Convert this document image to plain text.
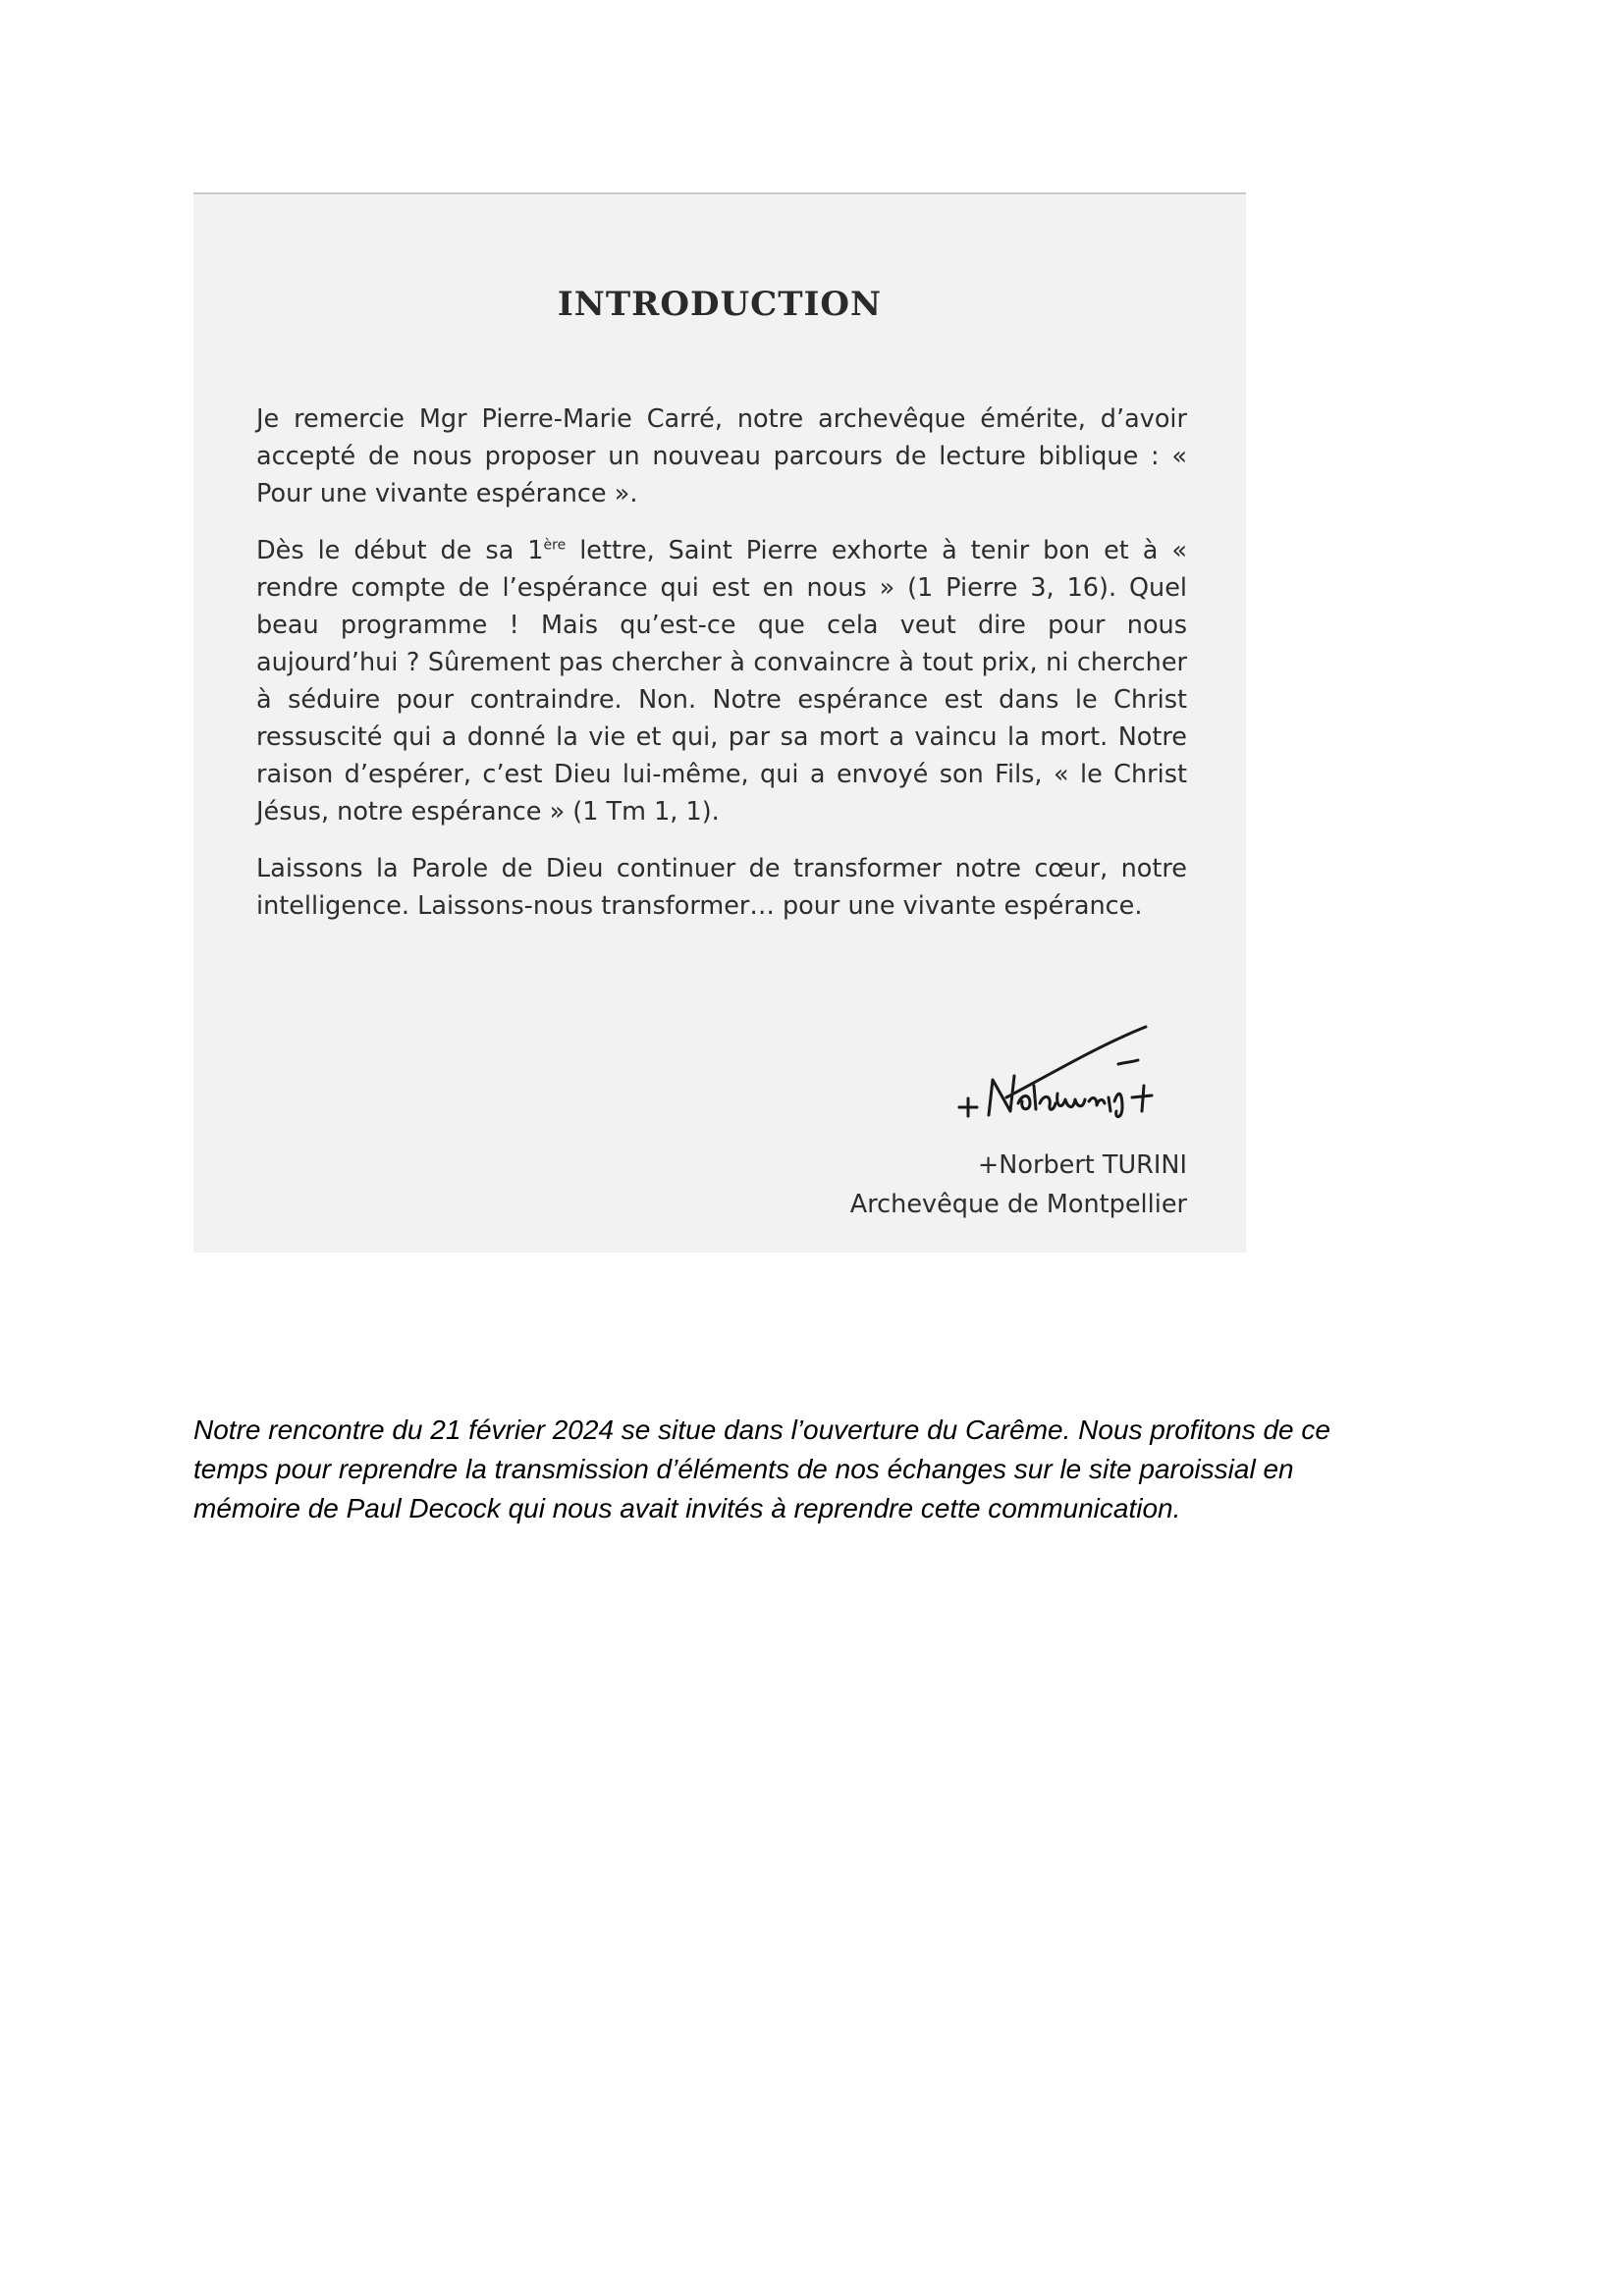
INTRODUCTION

Je remercie Mgr Pierre-Marie Carré, notre archevêque émérite, d’avoir accepté de nous proposer un nouveau parcours de lecture biblique : « Pour une vivante espérance ».

Dès le début de sa 1ère lettre, Saint Pierre exhorte à tenir bon et à « rendre compte de l’espérance qui est en nous » (1 Pierre 3, 16). Quel beau programme ! Mais qu’est-ce que cela veut dire pour nous aujourd’hui ? Sûrement pas chercher à convaincre à tout prix, ni chercher à séduire pour contraindre. Non. Notre espérance est dans le Christ ressuscité qui a donné la vie et qui, par sa mort a vaincu la mort. Notre raison d’espérer, c’est Dieu lui-même, qui a envoyé son Fils, « le Christ Jésus, notre espérance » (1 Tm 1, 1).

Laissons la Parole de Dieu continuer de transformer notre cœur, notre intelligence. Laissons-nous transformer… pour une vivante espérance.

+Norbert TURINI
Archevêque de Montpellier
Notre rencontre du 21 février 2024 se situe dans l’ouverture du Carême. Nous profitons de ce
temps pour reprendre la transmission d’éléments de nos échanges sur le site paroissial en
mémoire de Paul Decock qui nous avait invités à reprendre cette communication.
